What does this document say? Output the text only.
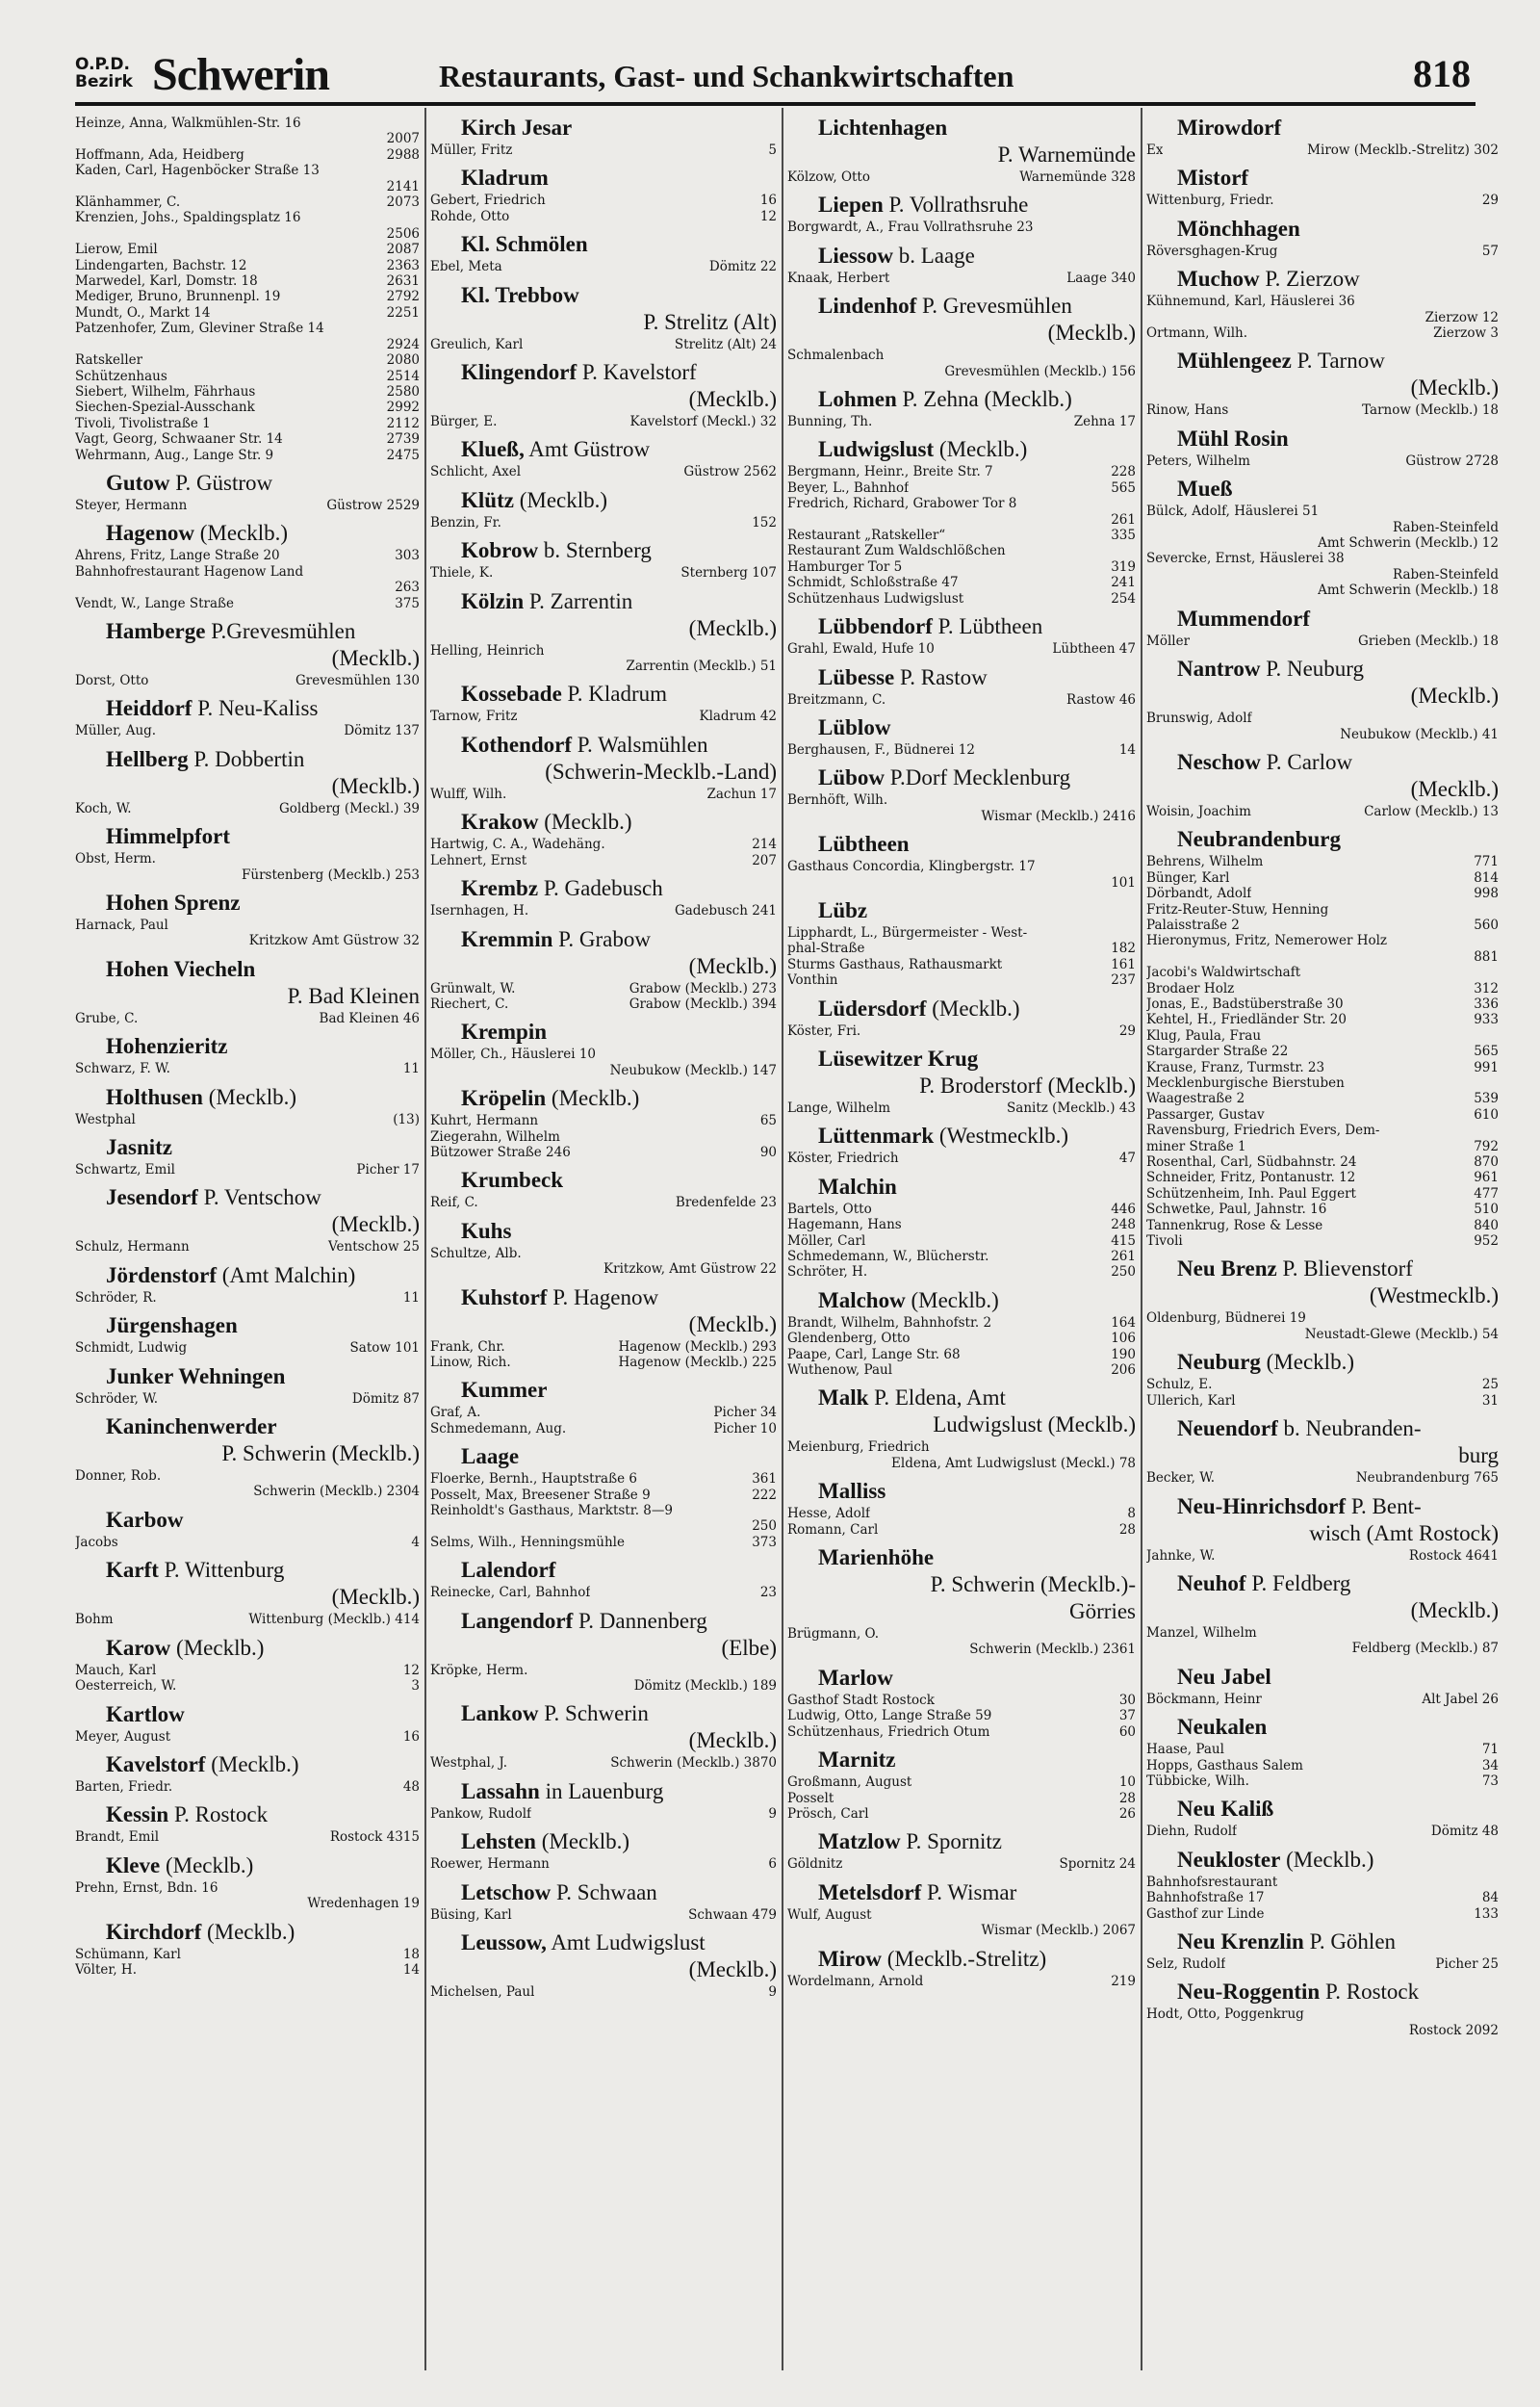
O.P.D.
Bezirk Schwerin	Restaurants, Gast- und Schankwirtschaften	818
Heinze, Anna, Walkmühlen-Str. 16
2007
Hoffmann, Ada, Heidberg	2988
Kaden, Carl, Hagenböcker Straße 13
2141
Klänhammer, C.	2073
Krenzien, Johs., Spaldingsplatz 16
2506
Lierow, Emil	2087
Lindengarten, Bachstr. 12	2363
Marwedel, Karl, Domstr. 18	2631
Mediger, Bruno, Brunnenpl. 19	2792
Mundt, O., Markt 14	2251
Patzenhofer, Zum, Gleviner Straße 14
2924
Ratskeller	2080
Schützenhaus	2514
Siebert, Wilhelm, Fährhaus	2580
Siechen-Spezial-Ausschank	2992
Tivoli, Tivolistraße 1	2112
Vagt, Georg, Schwaaner Str. 14	2739
Wehrmann, Aug., Lange Str. 9	2475
Gutow P. Güstrow
Steyer, Hermann	Güstrow 2529
Hagenow (Mecklb.)
Ahrens, Fritz, Lange Straße 20	303
Bahnhofrestaurant Hagenow Land
263
Vendt, W., Lange Straße	375
Hamberge P.Grevesmühlen
(Mecklb.)
Dorst, Otto	Grevesmühlen 130
Heiddorf P. Neu-Kaliss
Müller, Aug.	Dömitz 137
Hellberg P. Dobbertin
(Mecklb.)
Koch, W.	Goldberg (Meckl.) 39
Himmelpfort
Obst, Herm.
Fürstenberg (Mecklb.) 253
Hohen Sprenz
Harnack, Paul
Kritzkow Amt Güstrow 32
Hohen Viecheln
P. Bad Kleinen
Grube, C.	Bad Kleinen 46
Hohenzieritz
Schwarz, F. W.	11
Holthusen (Mecklb.)
Westphal	(13)
Jasnitz
Schwartz, Emil	Picher 17
Jesendorf P. Ventschow
(Mecklb.)
Schulz, Hermann	Ventschow 25
Jördenstorf (Amt Malchin)
Schröder, R.	11
Jürgenshagen
Schmidt, Ludwig	Satow 101
Junker Wehningen
Schröder, W.	Dömitz 87
Kaninchenwerder
P. Schwerin (Mecklb.)
Donner, Rob.
Schwerin (Mecklb.) 2304
Karbow
Jacobs	4
Karft P. Wittenburg
(Mecklb.)
Bohm	Wittenburg (Mecklb.) 414
Karow (Mecklb.)
Mauch, Karl	12
Oesterreich, W.	3
Kartlow
Meyer, August	16
Kavelstorf (Mecklb.)
Barten, Friedr.	48
Kessin P. Rostock
Brandt, Emil	Rostock 4315
Kleve (Mecklb.)
Prehn, Ernst, Bdn. 16
Wredenhagen 19
Kirchdorf (Mecklb.)
Schümann, Karl	18
Völter, H.	14
Kirch Jesar
Müller, Fritz	5
Kladrum
Gebert, Friedrich	16
Rohde, Otto	12
Kl. Schmölen
Ebel, Meta	Dömitz 22
Kl. Trebbow
P. Strelitz (Alt)
Greulich, Karl	Strelitz (Alt) 24
Klingendorf P. Kavelstorf
(Mecklb.)
Bürger, E.	Kavelstorf (Meckl.) 32
Klueß, Amt Güstrow
Schlicht, Axel	Güstrow 2562
Klütz (Mecklb.)
Benzin, Fr.	152
Kobrow b. Sternberg
Thiele, K.	Sternberg 107
Kölzin P. Zarrentin
(Mecklb.)
Helling, Heinrich
Zarrentin (Mecklb.) 51
Kossebade P. Kladrum
Tarnow, Fritz	Kladrum 42
Kothendorf P. Walsmühlen
(Schwerin-Mecklb.-Land)
Wulff, Wilh.	Zachun 17
Krakow (Mecklb.)
Hartwig, C. A., Wadehäng.	214
Lehnert, Ernst	207
Krembz P. Gadebusch
Isernhagen, H.	Gadebusch 241
Kremmin P. Grabow
(Mecklb.)
Grünwalt, W.	Grabow (Mecklb.) 273
Riechert, C.	Grabow (Mecklb.) 394
Krempin
Möller, Ch., Häuslerei 10
Neubukow (Mecklb.) 147
Kröpelin (Mecklb.)
Kuhrt, Hermann	65
Ziegerahn, Wilhelm
Bützower Straße 246	90
Krumbeck
Reif, C.	Bredenfelde 23
Kuhs
Schultze, Alb.
Kritzkow, Amt Güstrow 22
Kuhstorf P. Hagenow
(Mecklb.)
Frank, Chr.	Hagenow (Mecklb.) 293
Linow, Rich.	Hagenow (Mecklb.) 225
Kummer
Graf, A.	Picher 34
Schmedemann, Aug.	Picher 10
Laage
Floerke, Bernh., Hauptstraße 6	361
Posselt, Max, Breesener Straße 9	222
Reinholdt's Gasthaus, Marktstr. 8—9
250
Selms, Wilh., Henningsmühle	373
Lalendorf
Reinecke, Carl, Bahnhof	23
Langendorf P. Dannenberg
(Elbe)
Kröpke, Herm.
Dömitz (Mecklb.) 189
Lankow P. Schwerin
(Mecklb.)
Westphal, J.	Schwerin (Mecklb.) 3870
Lassahn in Lauenburg
Pankow, Rudolf	9
Lehsten (Mecklb.)
Roewer, Hermann	6
Letschow P. Schwaan
Büsing, Karl	Schwaan 479
Leussow, Amt Ludwigslust
(Mecklb.)
Michelsen, Paul	9
Lichtenhagen
P. Warnemünde
Kölzow, Otto	Warnemünde 328
Liepen P. Vollrathsruhe
Borgwardt, A., Frau Vollrathsruhe 23
Liessow b. Laage
Knaak, Herbert	Laage 340
Lindenhof P. Grevesmühlen
(Mecklb.)
Schmalenbach
Grevesmühlen (Mecklb.) 156
Lohmen P. Zehna (Mecklb.)
Bunning, Th.	Zehna 17
Ludwigslust (Mecklb.)
Bergmann, Heinr., Breite Str. 7	228
Beyer, L., Bahnhof	565
Fredrich, Richard, Grabower Tor 8
261
Restaurant „Ratskeller“	335
Restaurant Zum Waldschlößchen
Hamburger Tor 5	319
Schmidt, Schloßstraße 47	241
Schützenhaus Ludwigslust	254
Lübbendorf P. Lübtheen
Grahl, Ewald, Hufe 10	Lübtheen 47
Lübesse P. Rastow
Breitzmann, C.	Rastow 46
Lüblow
Berghausen, F., Büdnerei 12	14
Lübow P.Dorf Mecklenburg
Bernhöft, Wilh.
Wismar (Mecklb.) 2416
Lübtheen
Gasthaus Concordia, Klingbergstr. 17
101
Lübz
Lipphardt, L., Bürgermeister - West-
phal-Straße	182
Sturms Gasthaus, Rathausmarkt	161
Vonthin	237
Lüdersdorf (Mecklb.)
Köster, Fri.	29
Lüsewitzer Krug
P. Broderstorf (Mecklb.)
Lange, Wilhelm	Sanitz (Mecklb.) 43
Lüttenmark (Westmecklb.)
Köster, Friedrich	47
Malchin
Bartels, Otto	446
Hagemann, Hans	248
Möller, Carl	415
Schmedemann, W., Blücherstr.	261
Schröter, H.	250
Malchow (Mecklb.)
Brandt, Wilhelm, Bahnhofstr. 2	164
Glendenberg, Otto	106
Paape, Carl, Lange Str. 68	190
Wuthenow, Paul	206
Malk P. Eldena, Amt
Ludwigslust (Mecklb.)
Meienburg, Friedrich
Eldena, Amt Ludwigslust (Meckl.) 78
Malliss
Hesse, Adolf	8
Romann, Carl	28
Marienhöhe
P. Schwerin (Mecklb.)-
Görries
Brügmann, O.
Schwerin (Mecklb.) 2361
Marlow
Gasthof Stadt Rostock	30
Ludwig, Otto, Lange Straße 59	37
Schützenhaus, Friedrich Otum	60
Marnitz
Großmann, August	10
Posselt	28
Prösch, Carl	26
Matzlow P. Spornitz
Göldnitz	Spornitz 24
Metelsdorf P. Wismar
Wulf, August
Wismar (Mecklb.) 2067
Mirow (Mecklb.-Strelitz)
Wordelmann, Arnold	219
Mirowdorf
Ex	Mirow (Mecklb.-Strelitz) 302
Mistorf
Wittenburg, Friedr.	29
Mönchhagen
Röversghagen-Krug	57
Muchow P. Zierzow
Kühnemund, Karl, Häuslerei 36
Zierzow 12
Ortmann, Wilh.	Zierzow 3
Mühlengeez P. Tarnow
(Mecklb.)
Rinow, Hans	Tarnow (Mecklb.) 18
Mühl Rosin
Peters, Wilhelm	Güstrow 2728
Mueß
Bülck, Adolf, Häuslerei 51
Raben-Steinfeld
Amt Schwerin (Mecklb.) 12
Severcke, Ernst, Häuslerei 38
Raben-Steinfeld
Amt Schwerin (Mecklb.) 18
Mummendorf
Möller	Grieben (Mecklb.) 18
Nantrow P. Neuburg
(Mecklb.)
Brunswig, Adolf
Neubukow (Mecklb.) 41
Neschow P. Carlow
(Mecklb.)
Woisin, Joachim	Carlow (Mecklb.) 13
Neubrandenburg
Behrens, Wilhelm	771
Bünger, Karl	814
Dörbandt, Adolf	998
Fritz-Reuter-Stuw, Henning
Palaisstraße 2	560
Hieronymus, Fritz, Nemerower Holz
881
Jacobi's Waldwirtschaft
Brodaer Holz	312
Jonas, E., Badstüberstraße 30	336
Kehtel, H., Friedländer Str. 20	933
Klug, Paula, Frau
Stargarder Straße 22	565
Krause, Franz, Turmstr. 23	991
Mecklenburgische Bierstuben
Waagestraße 2	539
Passarger, Gustav	610
Ravensburg, Friedrich Evers, Dem-
miner Straße 1	792
Rosenthal, Carl, Südbahnstr. 24	870
Schneider, Fritz, Pontanustr. 12	961
Schützenheim, Inh. Paul Eggert	477
Schwetke, Paul, Jahnstr. 16	510
Tannenkrug, Rose & Lesse	840
Tivoli	952
Neu Brenz P. Blievenstorf
(Westmecklb.)
Oldenburg, Büdnerei 19
Neustadt-Glewe (Mecklb.) 54
Neuburg (Mecklb.)
Schulz, E.	25
Ullerich, Karl	31
Neuendorf b. Neubranden-
burg
Becker, W.	Neubrandenburg 765
Neu-Hinrichsdorf P. Bent-
wisch (Amt Rostock)
Jahnke, W.	Rostock 4641
Neuhof P. Feldberg
(Mecklb.)
Manzel, Wilhelm
Feldberg (Mecklb.) 87
Neu Jabel
Böckmann, Heinr	Alt Jabel 26
Neukalen
Haase, Paul	71
Hopps, Gasthaus Salem	34
Tübbicke, Wilh.	73
Neu Kaliß
Diehn, Rudolf	Dömitz 48
Neukloster (Mecklb.)
Bahnhofsrestaurant
Bahnhofstraße 17	84
Gasthof zur Linde	133
Neu Krenzlin P. Göhlen
Selz, Rudolf	Picher 25
Neu-Roggentin P. Rostock
Hodt, Otto, Poggenkrug
Rostock 2092
